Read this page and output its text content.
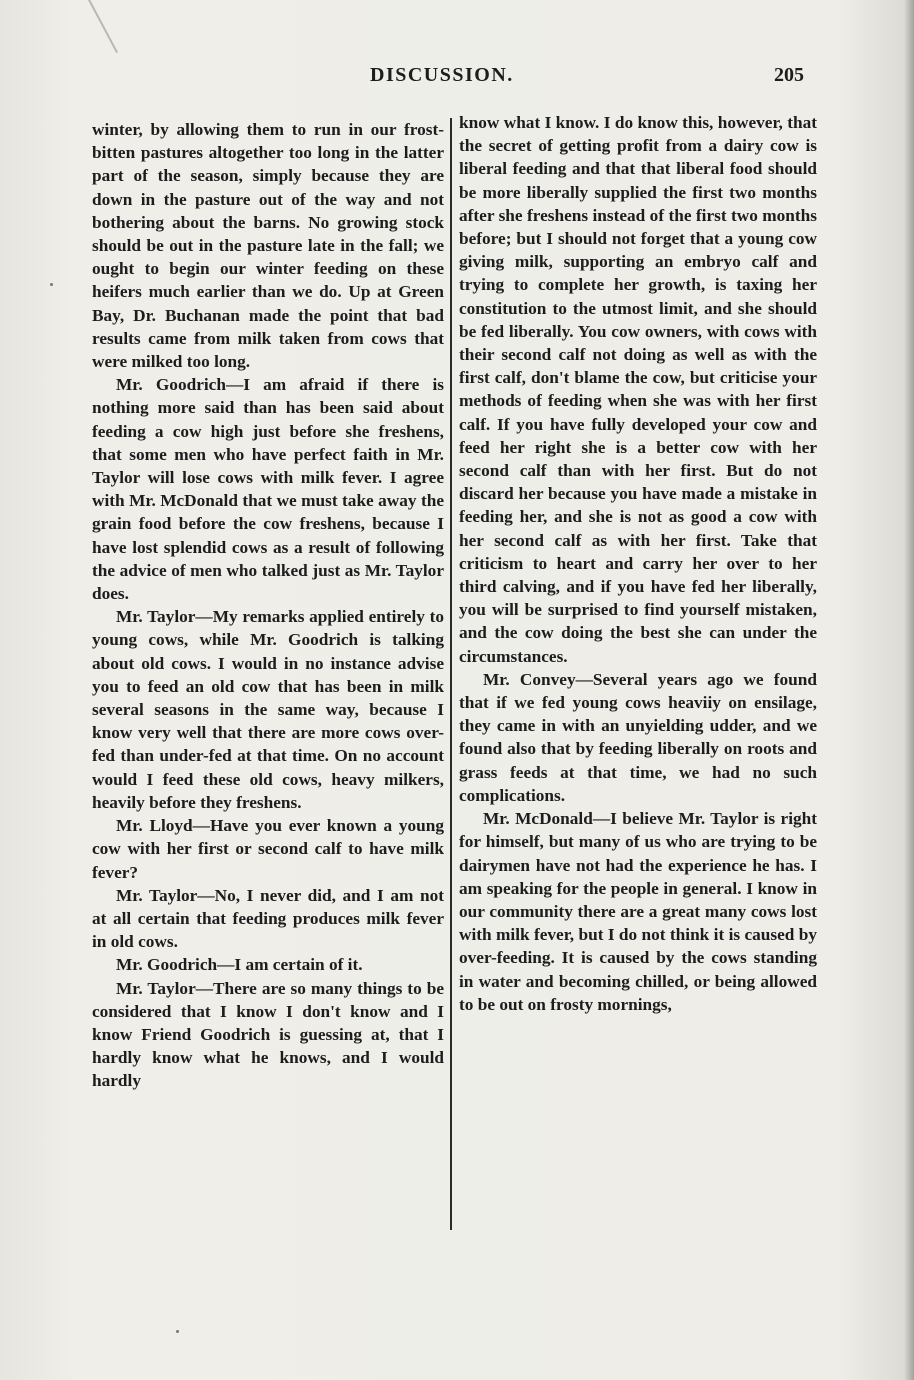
DISCUSSION.	205

winter, by allowing them to run in our frost-bitten pastures altogether too long in the latter part of the season, simply because they are down in the pasture out of the way and not bothering about the barns. No growing stock should be out in the pasture late in the fall; we ought to begin our winter feeding on these heifers much earlier than we do. Up at Green Bay, Dr. Buchanan made the point that bad results came from milk taken from cows that were milked too long.

Mr. Goodrich—I am afraid if there is nothing more said than has been said about feeding a cow high just before she freshens, that some men who have perfect faith in Mr. Taylor will lose cows with milk fever. I agree with Mr. McDonald that we must take away the grain food before the cow freshens, because I have lost splendid cows as a result of following the advice of men who talked just as Mr. Taylor does.

Mr. Taylor—My remarks applied entirely to young cows, while Mr. Goodrich is talking about old cows. I would in no instance advise you to feed an old cow that has been in milk several seasons in the same way, because I know very well that there are more cows over-fed than under-fed at that time. On no account would I feed these old cows, heavy milkers, heavily before they freshens.

Mr. Lloyd—Have you ever known a young cow with her first or second calf to have milk fever?

Mr. Taylor—No, I never did, and I am not at all certain that feeding produces milk fever in old cows.

Mr. Goodrich—I am certain of it.

Mr. Taylor—There are so many things to be considered that I know I don't know and I know Friend Goodrich is guessing at, that I hardly know what he knows, and I would hardly

know what I know. I do know this, however, that the secret of getting profit from a dairy cow is liberal feeding and that that liberal food should be more liberally supplied the first two months after she freshens instead of the first two months before; but I should not forget that a young cow giving milk, supporting an embryo calf and trying to complete her growth, is taxing her constitution to the utmost limit, and she should be fed liberally. You cow owners, with cows with their second calf not doing as well as with the first calf, don't blame the cow, but criticise your methods of feeding when she was with her first calf. If you have fully developed your cow and feed her right she is a better cow with her second calf than with her first. But do not discard her because you have made a mistake in feeding her, and she is not as good a cow with her second calf as with her first. Take that criticism to heart and carry her over to her third calving, and if you have fed her liberally, you will be surprised to find yourself mistaken, and the cow doing the best she can under the circumstances.

Mr. Convey—Several years ago we found that if we fed young cows heaviiy on ensilage, they came in with an unyielding udder, and we found also that by feeding liberally on roots and grass feeds at that time, we had no such complications.

Mr. McDonald—I believe Mr. Taylor is right for himself, but many of us who are trying to be dairymen have not had the experience he has. I am speaking for the people in general. I know in our community there are a great many cows lost with milk fever, but I do not think it is caused by over-feeding. It is caused by the cows standing in water and becoming chilled, or being allowed to be out on frosty mornings,
